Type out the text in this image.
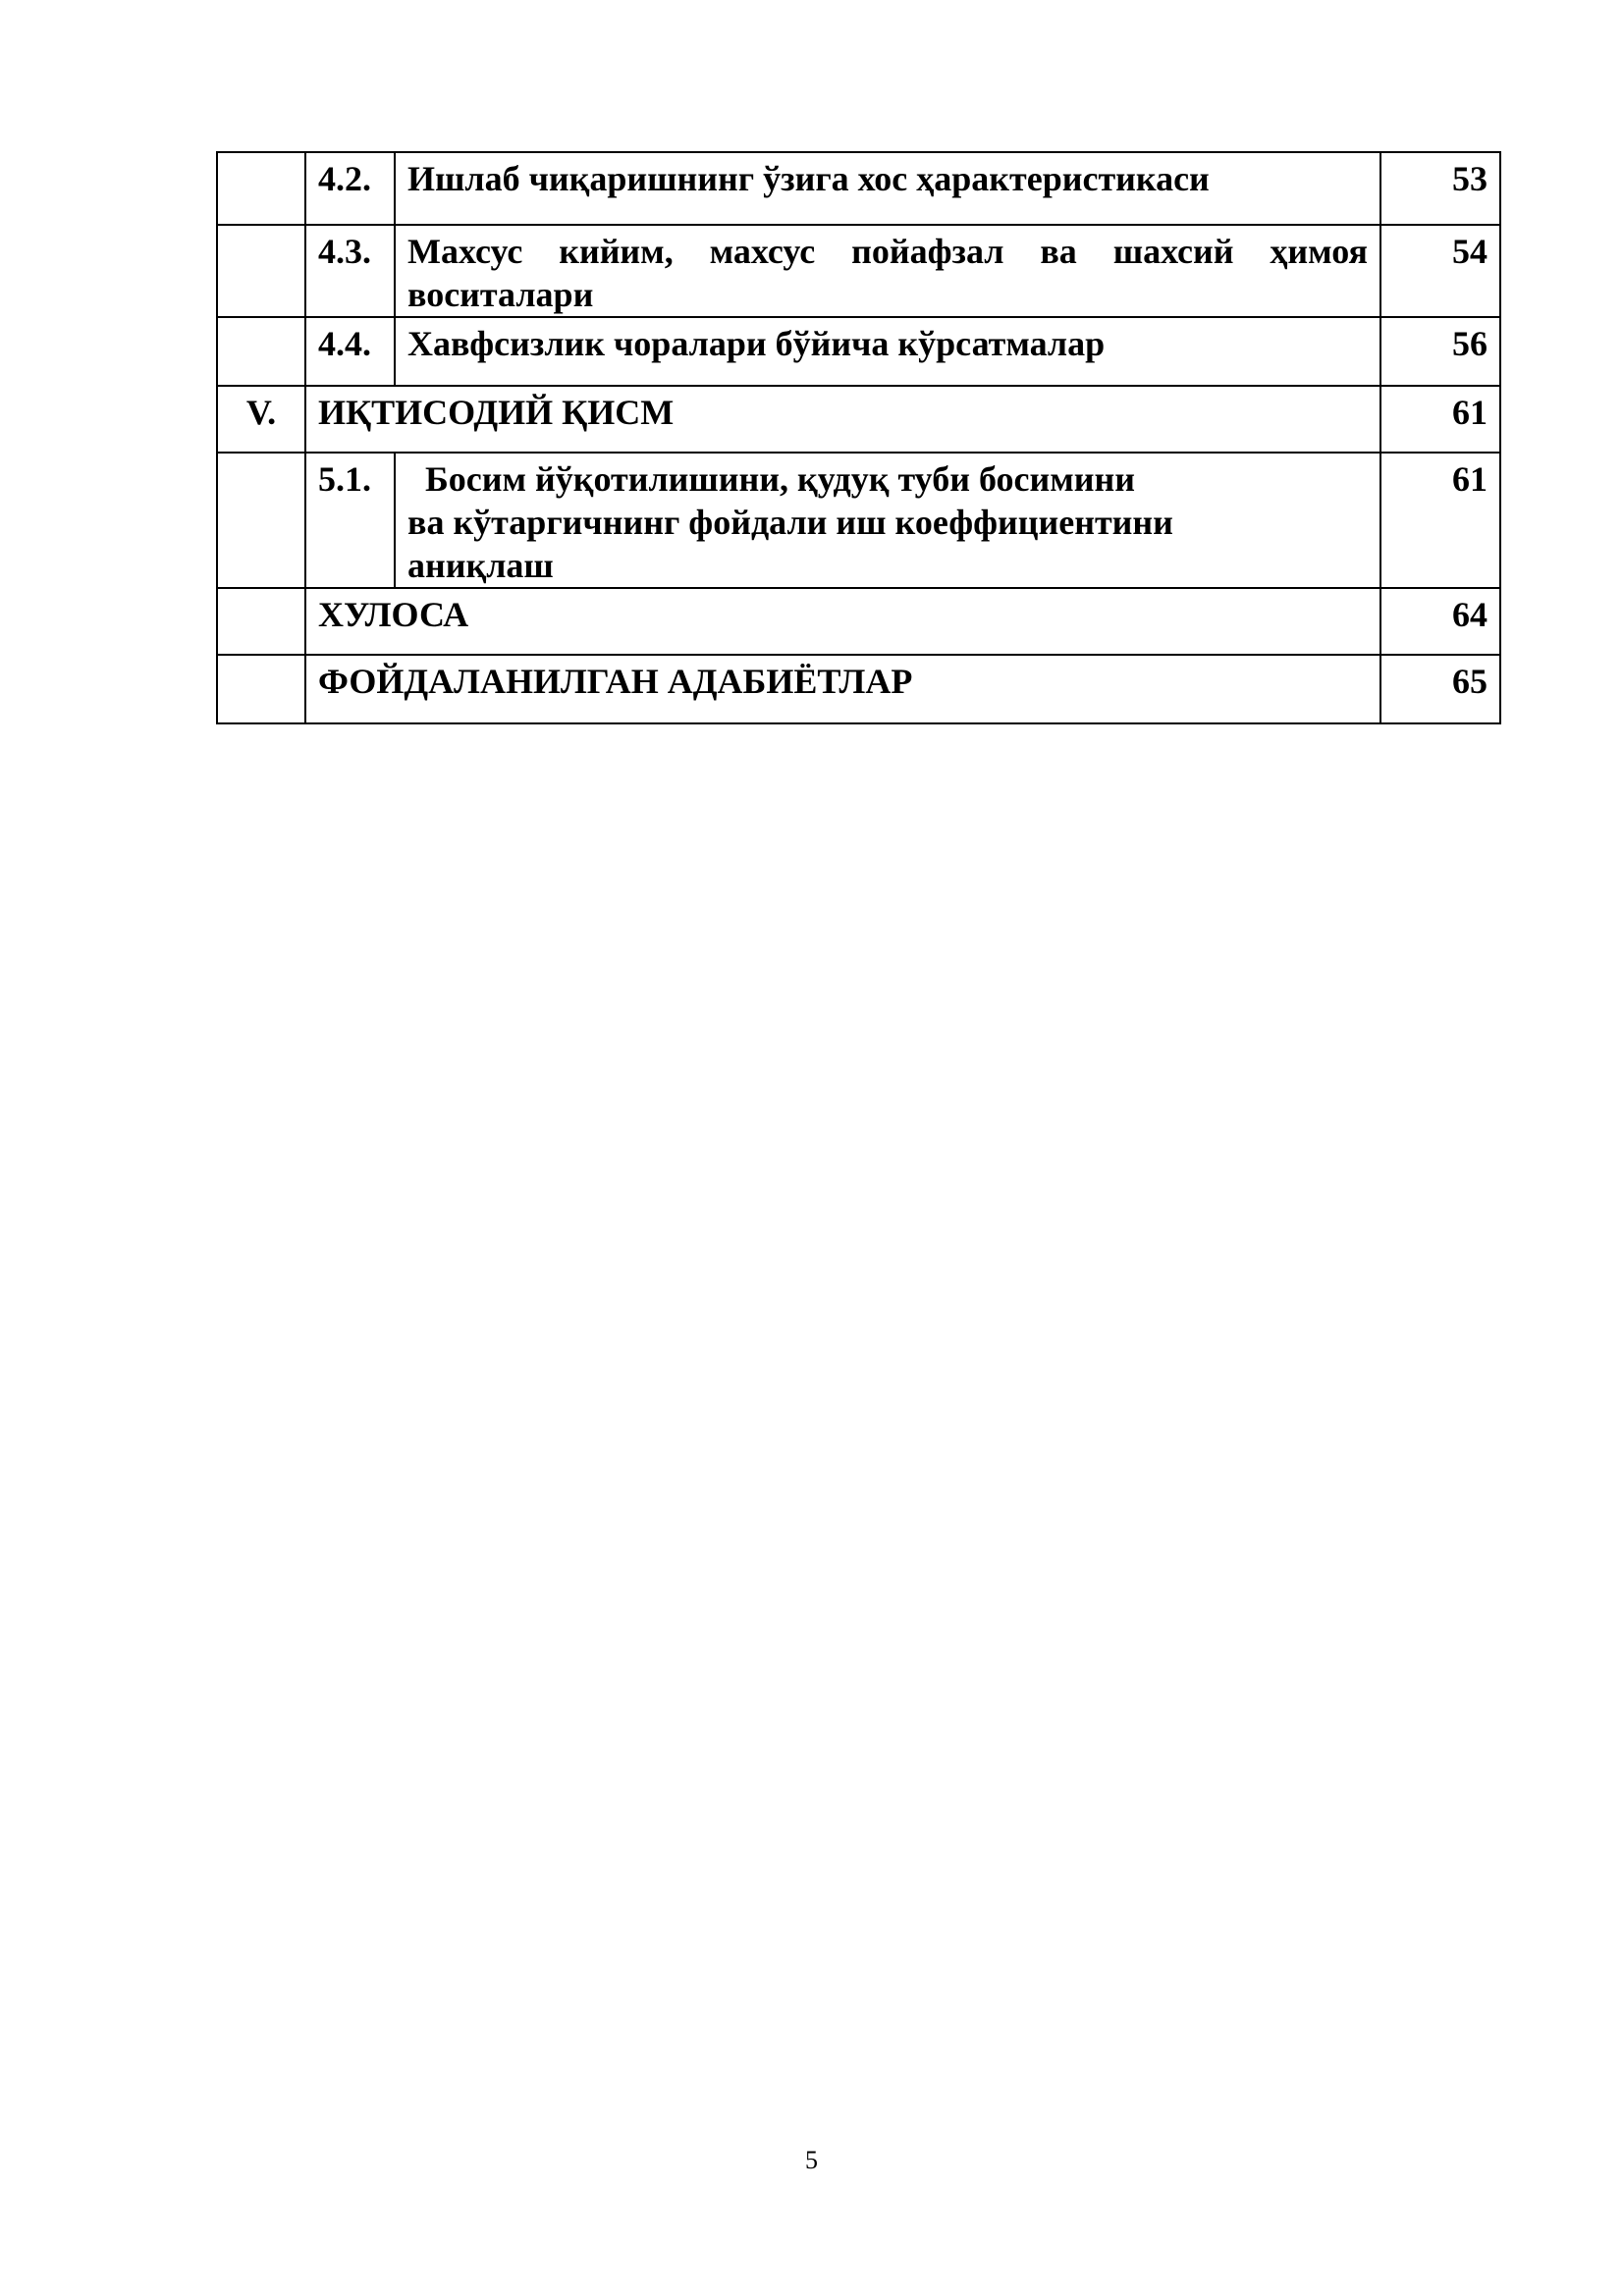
	4.2.	Ишлаб чиқаришнинг ўзига хос ҳарактеристикаси	53
	4.3.	Махсус кийим, махсус пойафзал ва шахсий ҳимоя воситалари	54
	4.4.	Хавфсизлик чоралари бўйича кўрсатмалар	56
V.	ИҚТИСОДИЙ ҚИСМ		61
	5.1.	Босим йўқотилишини, қудуқ туби босимини
ва кўтаргичнинг фойдали иш коеффициентини
аниқлаш	61
	ХУЛОСА		64
	ФОЙДАЛАНИЛГАН АДАБИЁТЛАР		65
5
